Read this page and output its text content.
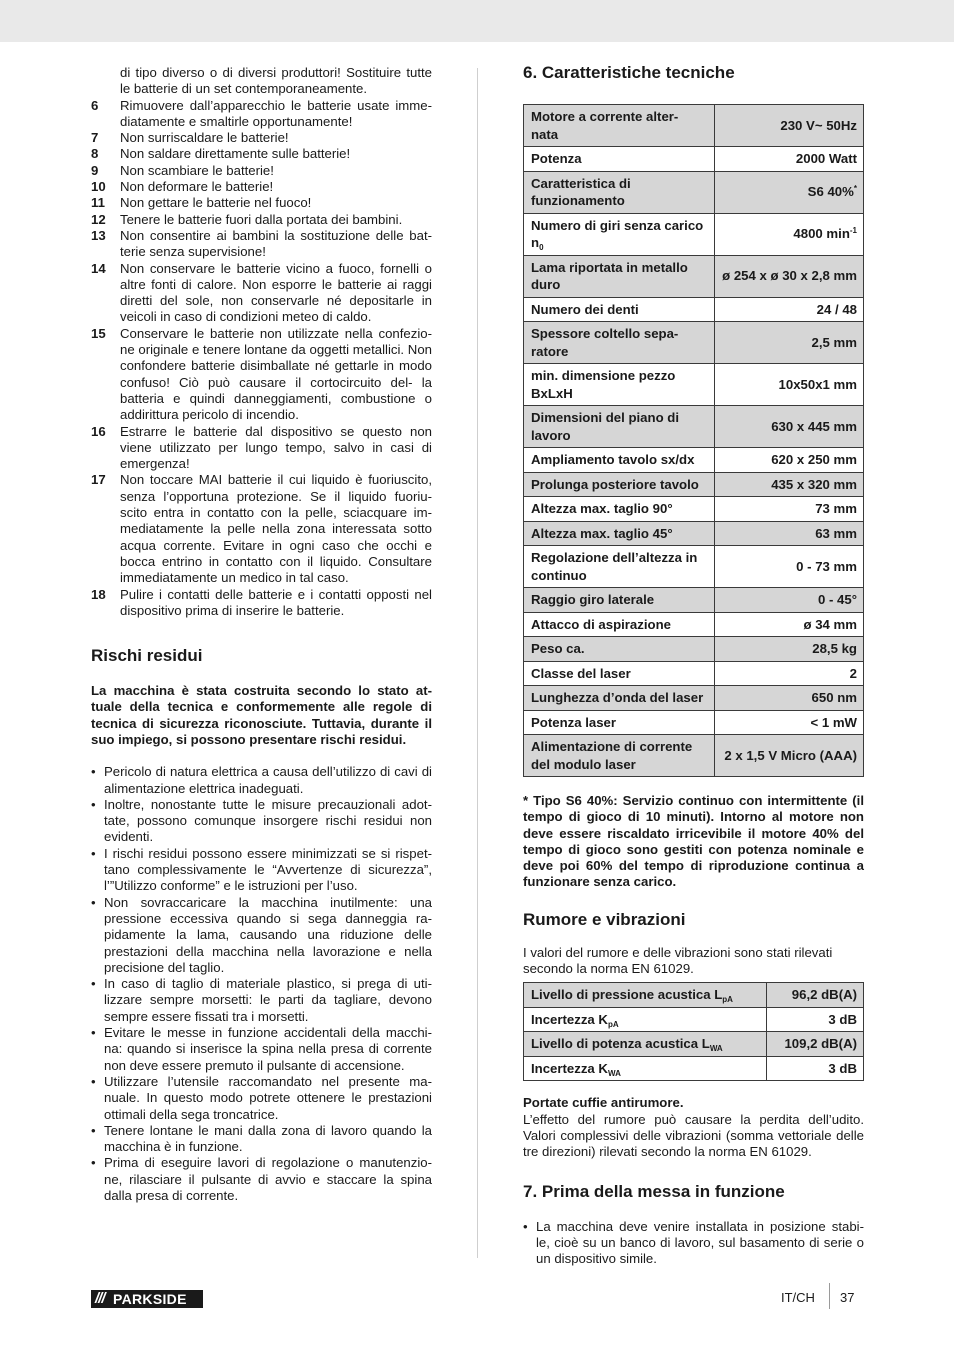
di tipo diverso o di diversi produttori! Sostituire tutte le batterie di un set contemporaneamente.
6 Rimuovere dall’apparecchio le batterie usate imme- diatamente e smaltirle opportunamente!
7 Non surriscaldare le batterie!
8 Non saldare direttamente sulle batterie!
9 Non scambiare le batterie!
10 Non deformare le batterie!
11 Non gettare le batterie nel fuoco!
12 Tenere le batterie fuori dalla portata dei bambini.
13 Non consentire ai bambini la sostituzione delle bat- terie senza supervisione!
14 Non conservare le batterie vicino a fuoco, fornelli o altre fonti di calore. Non esporre le batterie ai raggi diretti del sole, non conservarle né depositarle in veicoli in caso di condizioni meteo di caldo.
15 Conservare le batterie non utilizzate nella confezio- ne originale e tenere lontane da oggetti metallici. Non confondere batterie disimballate né gettarle in modo confuso! Ciò può causare il cortocircuito del- la batteria e quindi danneggiamenti, combustione o addirittura pericolo di incendio.
16 Estrarre le batterie dal dispositivo se questo non viene utilizzato per lungo tempo, salvo in casi di emergenza!
17 Non toccare MAI batterie il cui liquido è fuoriuscito, senza l’opportuna protezione. Se il liquido fuoriu- scito entra in contatto con la pelle, sciacquare im- mediatamente la pelle nella zona interessata sotto acqua corrente. Evitare in ogni caso che occhi e bocca entrino in contatto con il liquido. Consultare immediatamente un medico in tal caso.
18 Pulire i contatti delle batterie e i contatti opposti nel dispositivo prima di inserire le batterie.
Rischi residui
La macchina è stata costruita secondo lo stato at- tuale della tecnica e conformemente alle regole di tecnica di sicurezza riconosciute. Tuttavia, durante il suo impiego, si possono presentare rischi residui.
• Pericolo di natura elettrica a causa dell’utilizzo di cavi di alimentazione elettrica inadeguati.
• Inoltre, nonostante tutte le misure precauzionali adot- tate, possono comunque insorgere rischi residui non evidenti.
• I rischi residui possono essere minimizzati se si rispet- tano complessivamente le “Avvertenze di sicurezza”, l’”Utilizzo conforme” e le istruzioni per l’uso.
• Non sovraccaricare la macchina inutilmente: una pressione eccessiva quando si sega danneggia ra- pidamente la lama, causando una riduzione delle prestazioni della macchina nella lavorazione e nella precisione del taglio.
• In caso di taglio di materiale plastico, si prega di uti- lizzare sempre morsetti: le parti da tagliare, devono sempre essere fissati tra i morsetti.
• Evitare le messe in funzione accidentali della macchi- na: quando si inserisce la spina nella presa di corrente non deve essere premuto il pulsante di accensione.
• Utilizzare l’utensile raccomandato nel presente ma- nuale. In questo modo potrete ottenere le prestazioni ottimali della sega troncatrice.
• Tenere lontane le mani dalla zona di lavoro quando la macchina è in funzione.
• Prima di eseguire lavori di regolazione o manutenzio- ne, rilasciare il pulsante di avvio e staccare la spina dalla presa di corrente.
6. Caratteristiche tecniche
Motore a corrente alter- nata	230 V~ 50Hz
Potenza	2000 Watt
Caratteristica di funzionamento	S6 40%*
Numero di giri senza carico $n_0$	4800 $\min^{-1}$
Lama riportata in metallo duro	ø 254 x ø 30 x 2,8 mm
Numero dei denti	24 / 48
Spessore coltello sepa- ratore	2,5 mm
min. dimensione pezzo BxLxH	10x50x1 mm
Dimensioni del piano di lavoro	630 x 445 mm
Ampliamento tavolo sx/dx	620 x 250 mm
Prolunga posteriore tavolo	435 x 320 mm
Altezza max. taglio 90°	73 mm
Altezza max. taglio 45°	63 mm
Regolazione dell’altezza in continuo	0 - 73 mm
Raggio giro laterale	0 - 45°
Attacco di aspirazione	ø 34 mm
Peso ca.	28,5 kg
Classe del laser	2
Lunghezza d’onda del laser	650 nm
Potenza laser	< 1 mW
Alimentazione di corrente del modulo laser	2 x 1,5 V Micro (AAA)
* Tipo S6 40%: Servizio continuo con intermittente (il tempo di gioco di 10 minuti). Intorno al motore non deve essere riscaldato irricevibile il motore 40% del tempo di gioco sono gestiti con potenza nominale e deve poi 60% del tempo di riproduzione continua a funzionare senza carico.
Rumore e vibrazioni
I valori del rumore e delle vibrazioni sono stati rilevati secondo la norma EN 61029.
Livello di pressione acustica $L_{pA}$	96,2 dB(A)
Incertezza $K_{pA}$	3 dB
Livello di potenza acustica $L_{WA}$	109,2 dB(A)
Incertezza $K_{WA}$	3 dB
Portate cuffie antirumore.
L’effetto del rumore può causare la perdita dell’udito. Valori complessivi delle vibrazioni (somma vettoriale delle tre direzioni) rilevati secondo la norma EN 61029.
7. Prima della messa in funzione
• La macchina deve venire installata in posizione stabi- le, cioè su un banco di lavoro, sul basamento di serie o un dispositivo simile.
/// PARKSIDE	IT/CH 37
